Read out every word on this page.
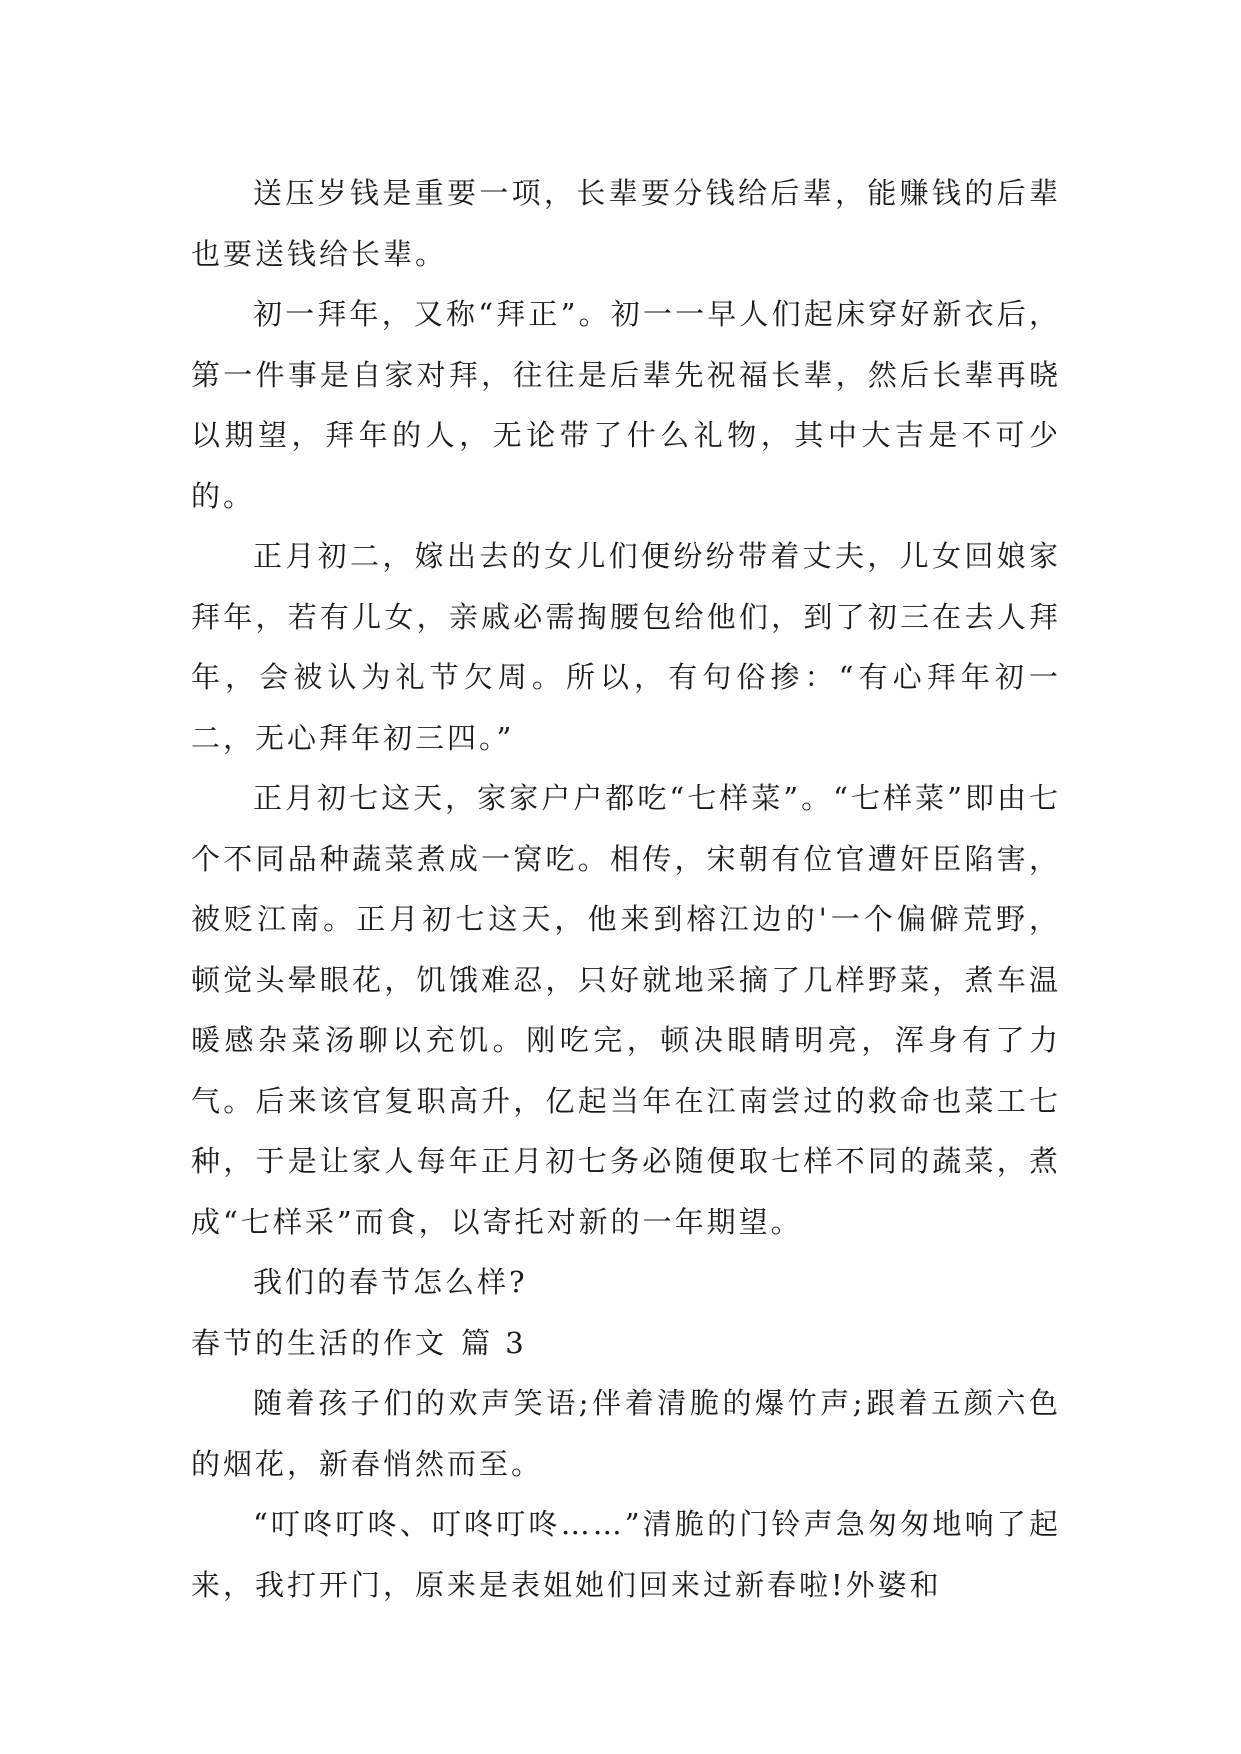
送压岁钱是重要一项，长辈要分钱给后辈，能赚钱的后辈也要送钱给长辈。

初一拜年，又称“拜正”。初一一早人们起床穿好新衣后，第一件事是自家对拜，往往是后辈先祝福长辈，然后长辈再晓以期望，拜年的人，无论带了什么礼物，其中大吉是不可少的。

正月初二，嫁出去的女儿们便纷纷带着丈夫，儿女回娘家拜年，若有儿女，亲戚必需掏腰包给他们，到了初三在去人拜年，会被认为礼节欠周。所以，有句俗掺：“有心拜年初一二，无心拜年初三四。”

正月初七这天，家家户户都吃“七样菜”。“七样菜”即由七个不同品种蔬菜煮成一窝吃。相传，宋朝有位官遭奸臣陷害，被贬江南。正月初七这天，他来到榕江边的'一个偏僻荒野，顿觉头晕眼花，饥饿难忍，只好就地采摘了几样野菜，煮车温暖感杂菜汤聊以充饥。刚吃完，顿决眼睛明亮，浑身有了力气。后来该官复职高升，亿起当年在江南尝过的救命也菜工七种，于是让家人每年正月初七务必随便取七样不同的蔬菜，煮成“七样采”而食，以寄托对新的一年期望。

我们的春节怎么样?

春节的生活的作文 篇 3

随着孩子们的欢声笑语;伴着清脆的爆竹声;跟着五颜六色的烟花，新春悄然而至。

“叮咚叮咚、叮咚叮咚……”清脆的门铃声急匆匆地响了起来，我打开门，原来是表姐她们回来过新春啦!外婆和
